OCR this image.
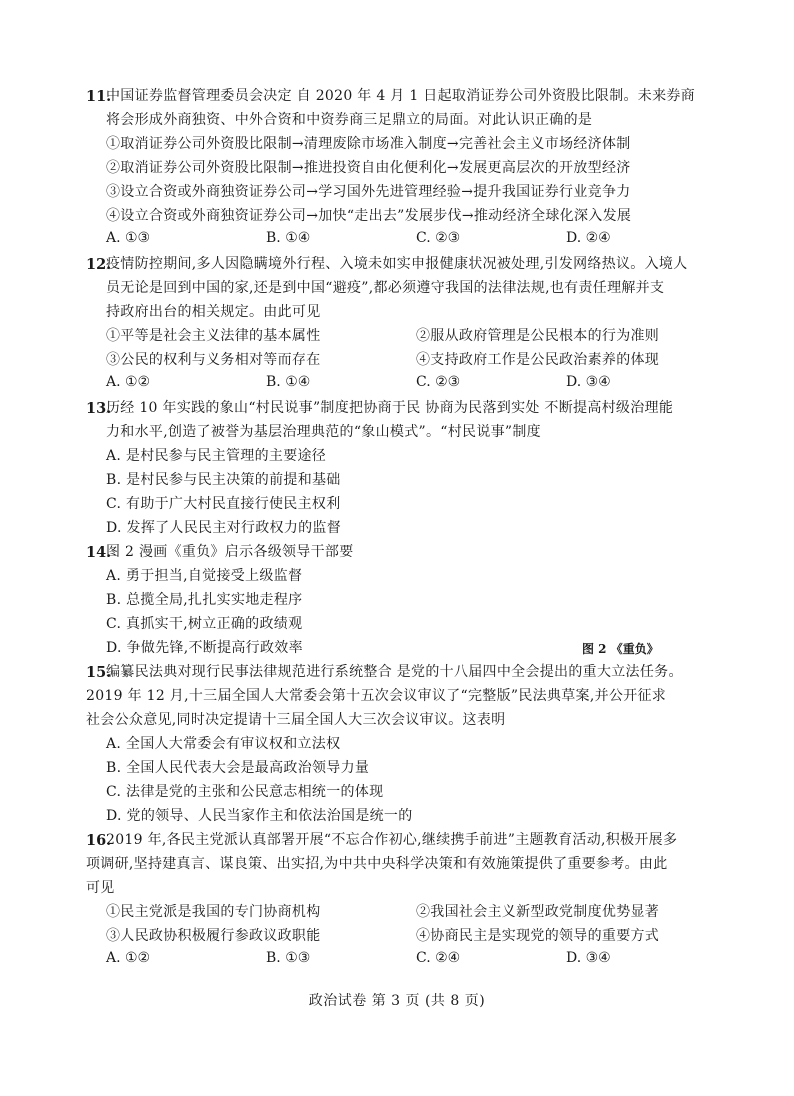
11.
中国证券监督管理委员会决定 自 2020 年 4 月 1 日起取消证券公司外资股比限制。未来券商
将会形成外商独资、中外合资和中资券商三足鼎立的局面。对此认识正确的是
①取消证券公司外资股比限制→清理废除市场准入制度→完善社会主义市场经济体制
②取消证券公司外资股比限制→推进投资自由化便利化→发展更高层次的开放型经济
③设立合资或外商独资证券公司→学习国外先进管理经验→提升我国证券行业竞争力
④设立合资或外商独资证券公司→加快“走出去”发展步伐→推动经济全球化深入发展
A. ①③	B. ①④	C. ②③	D. ②④
12.
疫情防控期间,多人因隐瞒境外行程、入境未如实申报健康状况被处理,引发网络热议。入境人
员无论是回到中国的家,还是到中国“避疫”,都必须遵守我国的法律法规,也有责任理解并支
持政府出台的相关规定。由此可见
①平等是社会主义法律的基本属性	②服从政府管理是公民根本的行为准则
③公民的权利与义务相对等而存在	④支持政府工作是公民政治素养的体现
A. ①②	B. ①④	C. ②③	D. ③④
13.
历经 10 年实践的象山“村民说事”制度把协商于民 协商为民落到实处 不断提高村级治理能
力和水平,创造了被誉为基层治理典范的“象山模式”。“村民说事”制度
A. 是村民参与民主管理的主要途径
B. 是村民参与民主决策的前提和基础
C. 有助于广大村民直接行使民主权利
D. 发挥了人民民主对行政权力的监督
14.
图 2 漫画《重负》启示各级领导干部要
A. 勇于担当,自觉接受上级监督
B. 总揽全局,扎扎实实地走程序
C. 真抓实干,树立正确的政绩观
D. 争做先锋,不断提高行政效率	图 2 《重负》
15.
编纂民法典对现行民事法律规范进行系统整合 是党的十八届四中全会提出的重大立法任务。
2019 年 12 月,十三届全国人大常委会第十五次会议审议了“完整版”民法典草案,并公开征求
社会公众意见,同时决定提请十三届全国人大三次会议审议。这表明
A. 全国人大常委会有审议权和立法权
B. 全国人民代表大会是最高政治领导力量
C. 法律是党的主张和公民意志相统一的体现
D. 党的领导、人民当家作主和依法治国是统一的
16.
2019 年,各民主党派认真部署开展“不忘合作初心,继续携手前进”主题教育活动,积极开展多
项调研,坚持建真言、谋良策、出实招,为中共中央科学决策和有效施策提供了重要参考。由此
可见
①民主党派是我国的专门协商机构	②我国社会主义新型政党制度优势显著
③人民政协积极履行参政议政职能	④协商民主是实现党的领导的重要方式
A. ①②	B. ①③	C. ②④	D. ③④
政治试卷 第 3 页 (共 8 页)
